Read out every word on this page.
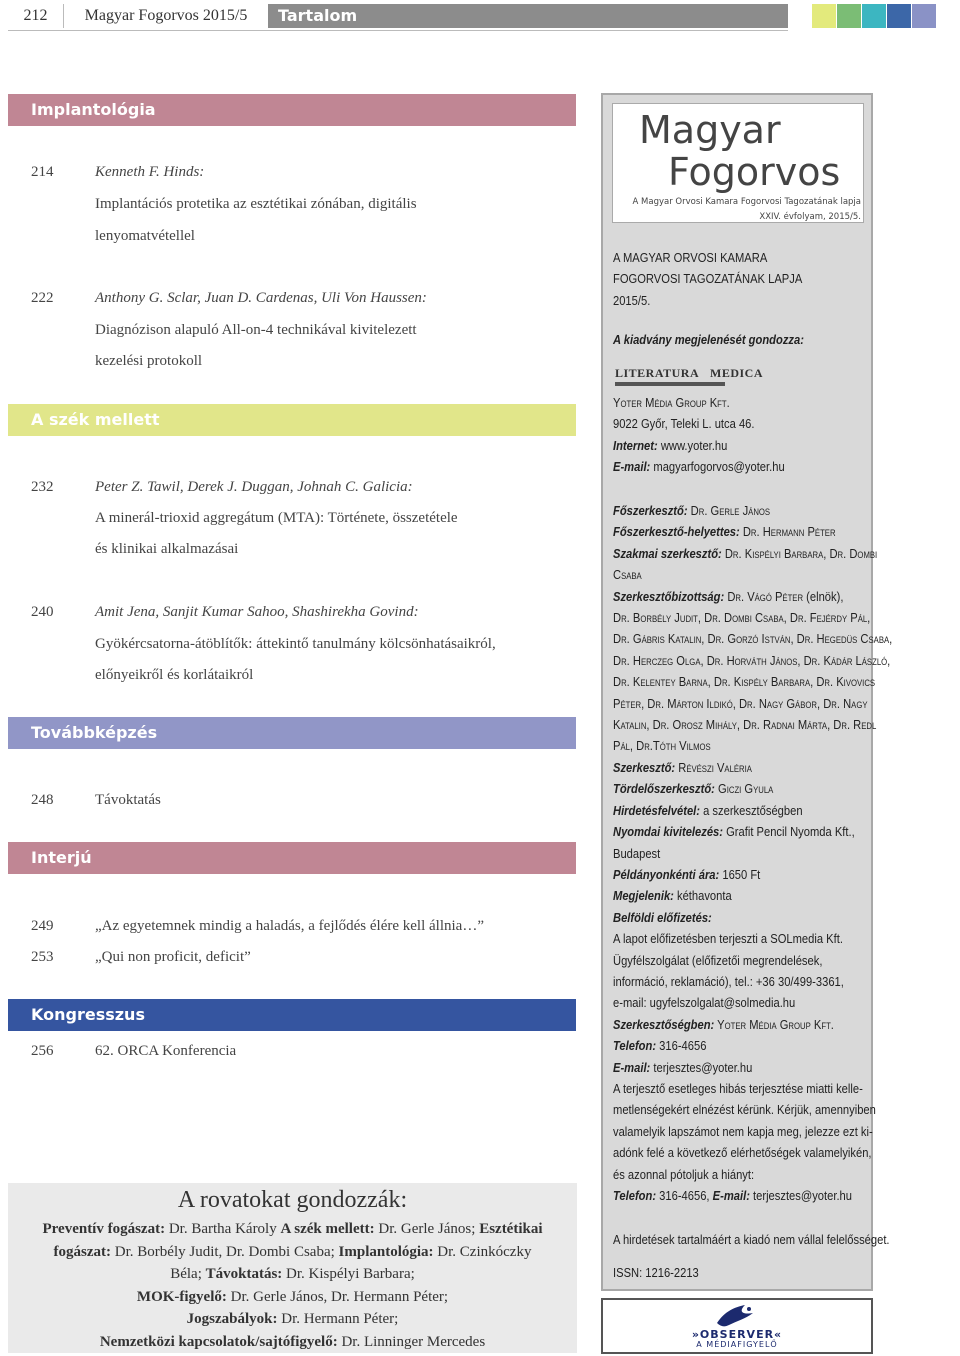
212	Magyar Fogorvos 2015/5	Tartalom
Implantológia
214	Kenneth F. Hinds:
Implantációs protetika az esztétikai zónában, digitális
lenyomatvétellel
222	Anthony G. Sclar, Juan D. Cardenas, Uli Von Haussen:
Diagnózison alapuló All-on-4 technikával kivitelezett
kezelési protokoll
A szék mellett
232	Peter Z. Tawil, Derek J. Duggan, Johnah C. Galicia:
A minerál-trioxid aggregátum (MTA): Története, összetétele
és klinikai alkalmazásai
240	Amit Jena, Sanjit Kumar Sahoo, Shashirekha Govind:
Gyökércsatorna-átöblítők: áttekintő tanulmány kölcsönhatásaikról,
előnyeikről és korlátaikról
Továbbképzés
248	Távoktatás
Interjú
249	„Az egyetemnek mindig a haladás, a fejlődés élére kell állnia…”
253	„Qui non proficit, deficit”
Kongresszus
256	62. ORCA Konferencia
A rovatokat gondozzák:
Preventív fogászat: Dr. Bartha Károly A szék mellett: Dr. Gerle János; Esztétikai
fogászat: Dr. Borbély Judit, Dr. Dombi Csaba; Implantológia: Dr. Czinkóczky
Béla; Távoktatás: Dr. Kispélyi Barbara;
MOK-figyelő: Dr. Gerle János, Dr. Hermann Péter;
Jogszabályok: Dr. Hermann Péter;
Nemzetközi kapcsolatok/sajtófigyelő: Dr. Linninger Mercedes
Magyar
Fogorvos
A Magyar Orvosi Kamara Fogorvosi Tagozatának lapja
XXIV. évfolyam, 2015/5.
A MAGYAR ORVOSI KAMARA
FOGORVOSI TAGOZATÁNAK LAPJA
2015/5.
A kiadvány megjelenését gondozza:
LITERATURA MEDICA
Yoter Média Group Kft.
9022 Győr, Teleki L. utca 46.
Internet: www.yoter.hu
E-mail: magyarfogorvos@yoter.hu
Főszerkesztő: Dr. Gerle János
Főszerkesztő-helyettes: Dr. Hermann Péter
Szakmai szerkesztő: Dr. Kispélyi Barbara, Dr. Dombi
Csaba
Szerkesztőbizottság: Dr. Vágó Péter (elnök),
Dr. Borbély Judit, Dr. Dombi Csaba, Dr. Fejérdy Pál,
Dr. Gábris Katalin, Dr. Gorzó István, Dr. Hegedüs Csaba,
Dr. Herczeg Olga, Dr. Horváth János, Dr. Kádár László,
Dr. Kelentey Barna, Dr. Kispély Barbara, Dr. Kivovics
Péter, Dr. Márton Ildikó, Dr. Nagy Gábor, Dr. Nagy
Katalin, Dr. Orosz Mihály, Dr. Radnai Márta, Dr. Redl
Pál, Dr.Tóth Vilmos
Szerkesztő: Révészi Valéria
Tördelőszerkesztő: Giczi Gyula
Hirdetésfelvétel: a szerkesztőségben
Nyomdai kivitelezés: Grafit Pencil Nyomda Kft.,
Budapest
Példányonkénti ára: 1650 Ft
Megjelenik: kéthavonta
Belföldi előfizetés:
A lapot előfizetésben terjeszti a SOLmedia Kft.
Ügyfélszolgálat (előfizetői megrendelések,
információ, reklamáció), tel.: +36 30/499-3361,
e-mail: ugyfelszolgalat@solmedia.hu
Szerkesztőségben: Yoter Média Group Kft.
Telefon: 316-4656
E-mail: terjesztes@yoter.hu
A terjesztő esetleges hibás terjesztése miatti kelle-
metlenségekért elnézést kérünk. Kérjük, amennyiben
valamelyik lapszámot nem kapja meg, jelezze ezt ki-
adónk felé a következő elérhetőségek valamelyikén,
és azonnal pótoljuk a hiányt:
Telefon: 316-4656, E-mail: terjesztes@yoter.hu
A hirdetések tartalmáért a kiadó nem vállal felelősséget.
ISSN: 1216-2213
»OBSERVER«
A MÉDIAFIGYELŐ
